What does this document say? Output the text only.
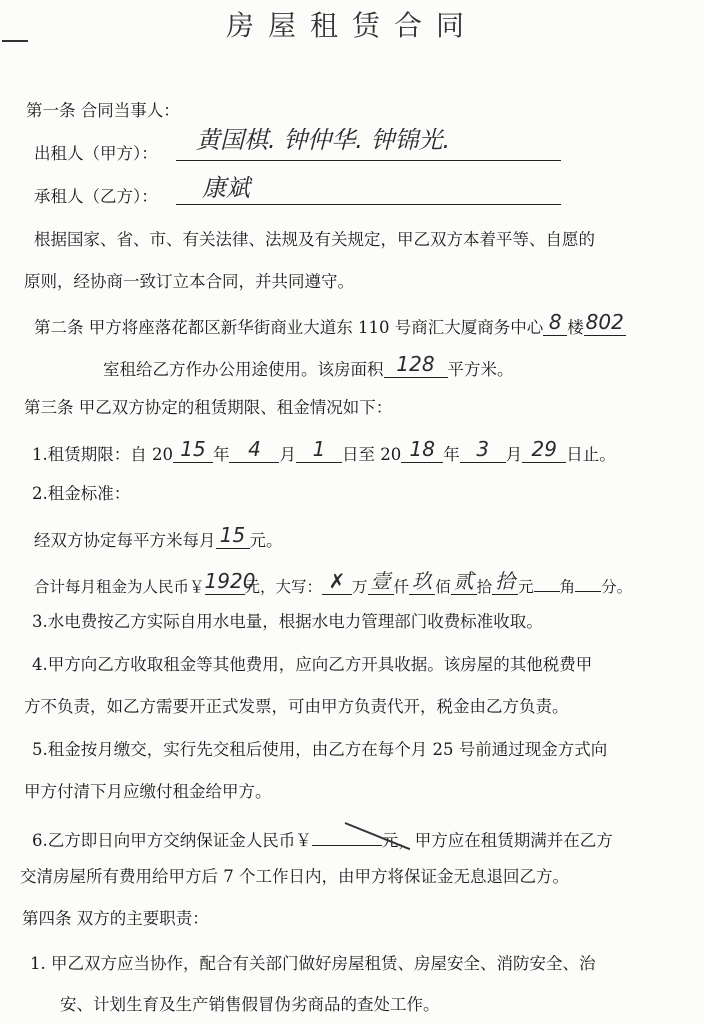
房屋租赁合同
第一条 合同当事人：
出租人（甲方）： 黄国棋. 钟仲华. 钟锦光.
承租人（乙方）： 康斌
根据国家、省、市、有关法律、法规及有关规定，甲乙双方本着平等、自愿的
原则，经协商一致订立本合同，并共同遵守。
第二条 甲方将座落花都区新华街商业大道东 110 号商汇大厦商务中心 8 楼802
室租给乙方作办公用途使用。该房面积 128 平方米。
第三条 甲乙双方协定的租赁期限、租金情况如下：
1.租赁期限：自 20 15 年 4 月 1 日至 20 18 年 3 月 29 日止。
2.租金标准：
经双方协定每平方米每月 15 元。
合计每月租金为人民币￥1920元，大写： ✗ 万 壹 仟 玖 佰 贰 拾 拾 元 角 分。
3.水电费按乙方实际自用水电量，根据水电力管理部门收费标准收取。
4.甲方向乙方收取租金等其他费用，应向乙方开具收据。该房屋的其他税费甲
方不负责，如乙方需要开正式发票，可由甲方负责代开，税金由乙方负责。
5.租金按月缴交，实行先交租后使用，由乙方在每个月 25 号前通过现金方式向
甲方付清下月应缴付租金给甲方。
6.乙方即日向甲方交纳保证金人民币￥	元，甲方应在租赁期满并在乙方
交清房屋所有费用给甲方后 7 个工作日内，由甲方将保证金无息退回乙方。
第四条 双方的主要职责：
1. 甲乙双方应当协作，配合有关部门做好房屋租赁、房屋安全、消防安全、治
安、计划生育及生产销售假冒伪劣商品的查处工作。
